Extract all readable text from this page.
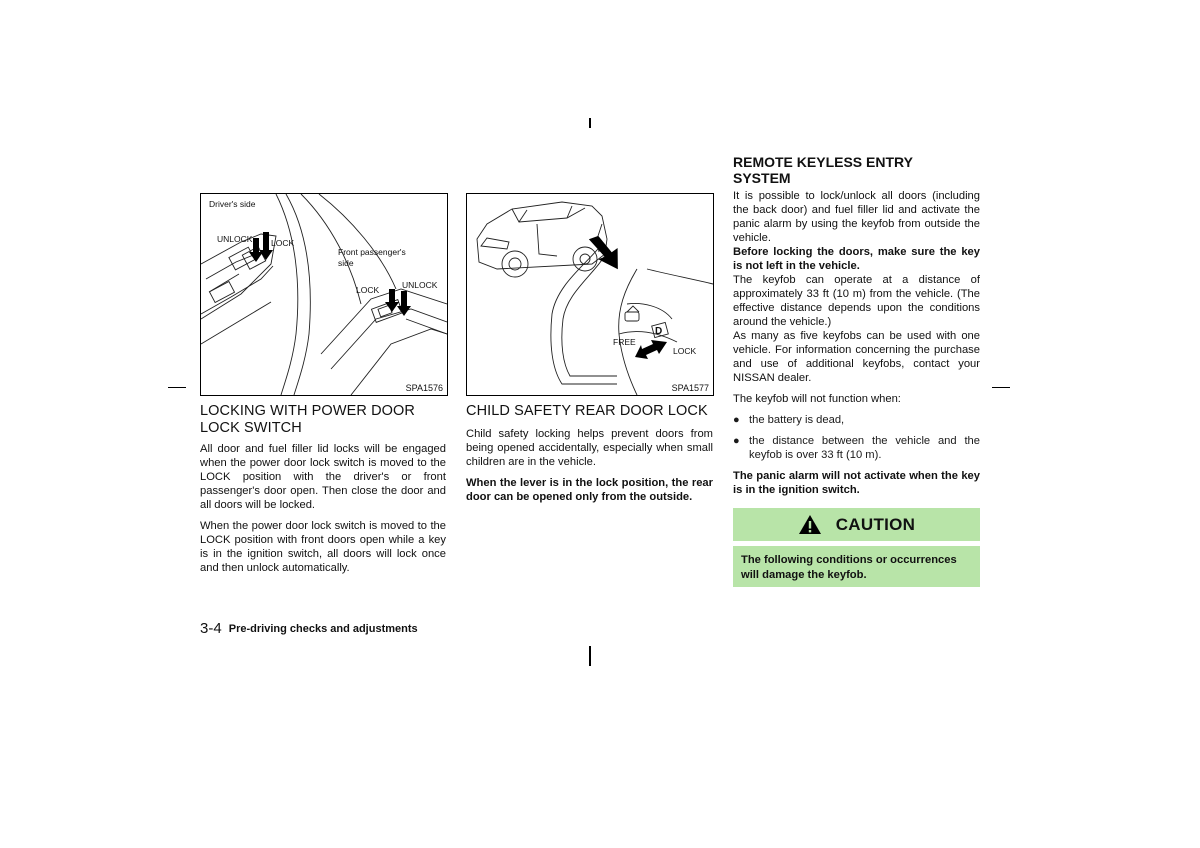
Driver's side
UNLOCK LOCK
Front passenger's
side
UNLOCK
LOCK
SPA1576
D
FREE
LOCK
SPA1577
LOCKING WITH POWER DOOR
LOCK SWITCH

All door and fuel filler lid locks will be engaged when the power door lock switch is moved to the LOCK position with the driver's or front passenger's door open. Then close the door and all doors will be locked.

When the power door lock switch is moved to the LOCK position with front doors open while a key is in the ignition switch, all doors will lock once and then unlock automatically.

CHILD SAFETY REAR DOOR LOCK

Child safety locking helps prevent doors from being opened accidentally, especially when small children are in the vehicle.

When the lever is in the lock position, the rear door can be opened only from the outside.

REMOTE KEYLESS ENTRY
SYSTEM

It is possible to lock/unlock all doors (including the back door) and fuel filler lid and activate the panic alarm by using the keyfob from outside the vehicle.

Before locking the doors, make sure the key is not left in the vehicle.

The keyfob can operate at a distance of approximately 33 ft (10 m) from the vehicle. (The effective distance depends upon the conditions around the vehicle.)

As many as five keyfobs can be used with one vehicle. For information concerning the purchase and use of additional keyfobs, contact your NISSAN dealer.

The keyfob will not function when:

● the battery is dead,
● the distance between the vehicle and the keyfob is over 33 ft (10 m).

The panic alarm will not activate when the key is in the ignition switch.

CAUTION

The following conditions or occurrences will damage the keyfob.

3-4 Pre-driving checks and adjustments
